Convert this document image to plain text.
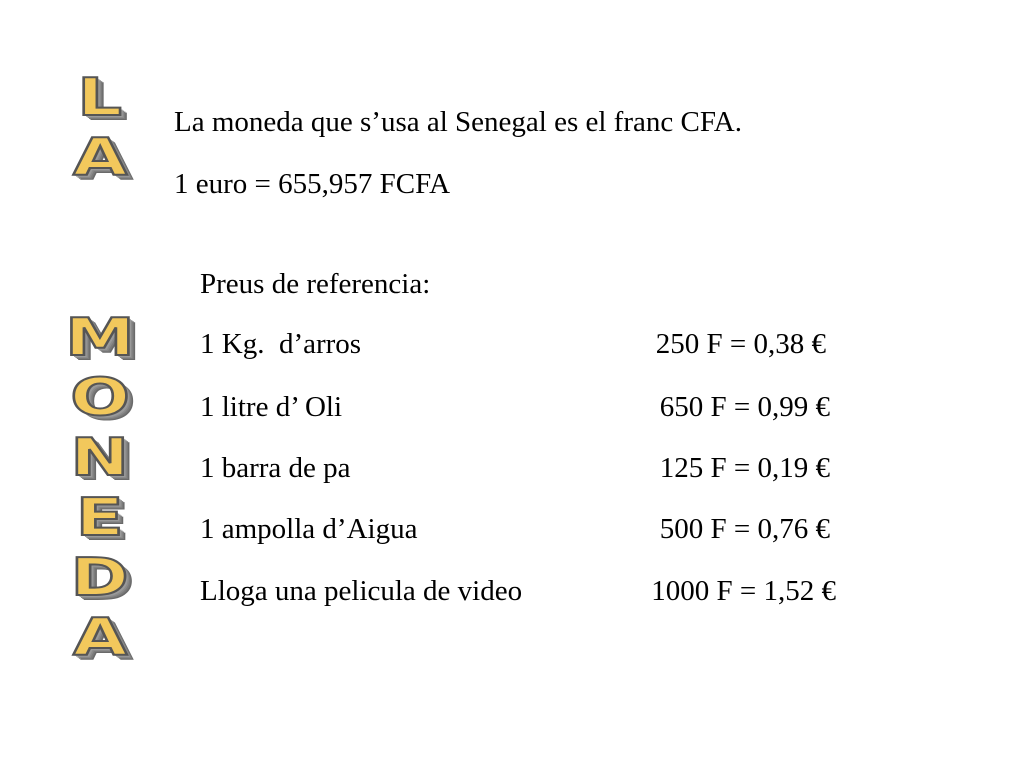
L
A
M
O
N
E
D
A
La moneda que s’usa al Senegal es el franc CFA.
1 euro = 655,957 FCFA
Preus de referencia:
1 Kg.  d’arros	250 F = 0,38 €
1 litre d’ Oli	650 F = 0,99 €
1 barra de pa	125 F = 0,19 €
1 ampolla d’Aigua	500 F = 0,76 €
Lloga una pelicula de video	1000 F = 1,52 €
